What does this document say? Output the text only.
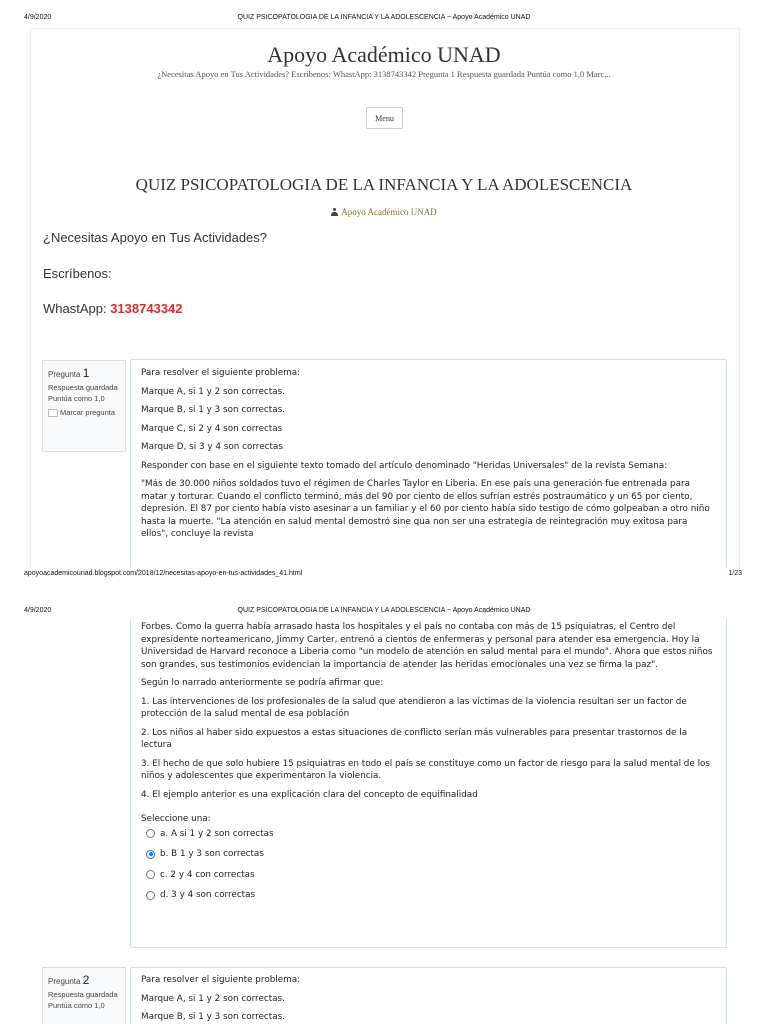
4/9/2020	QUIZ PSICOPATOLOGIA DE LA INFANCIA Y LA ADOLESCENCIA ~ Apoyo Académico UNAD
Apoyo Académico UNAD
¿Necesitas Apoyo en Tus Actividades? Escríbenos: WhastApp: 3138743342 Pregunta 1 Respuesta guardada Puntúa como 1,0 Marc...
Menu
QUIZ PSICOPATOLOGIA DE LA INFANCIA Y LA ADOLESCENCIA
Apoyo Académico UNAD
¿Necesitas Apoyo en Tus Actividades?
Escríbenos:
WhastApp: 3138743342
Pregunta 1
Respuesta guardada
Puntúa como 1,0
Marcar pregunta

Para resolver el siguiente problema:

Marque A, si 1 y 2 son correctas.

Marque B, si 1 y 3 son correctas.

Marque C, si 2 y 4 son correctas

Marque D, si 3 y 4 son correctas

Responder con base en el siguiente texto tomado del artículo denominado "Heridas Universales" de la revista Semana:

"Más de 30.000 niños soldados tuvo el régimen de Charles Taylor en Liberia. En ese país una generación fue entrenada para matar y torturar. Cuando el conflicto terminó, más del 90 por ciento de ellos sufrían estrés postraumático y un 65 por ciento, depresión. El 87 por ciento había visto asesinar a un familiar y el 60 por ciento había sido testigo de cómo golpeaban a otro niño hasta la muerte. "La atención en salud mental demostró sine qua non ser una estrategia de reintegración muy exitosa para ellos", concluye la revista

apoyoacademicounad.blogspot.com/2018/12/necesitas-apoyo-en-tus-actividades_41.html	1/23
4/9/2020	QUIZ PSICOPATOLOGIA DE LA INFANCIA Y LA ADOLESCENCIA ~ Apoyo Académico UNAD

Forbes. Como la guerra había arrasado hasta los hospitales y el país no contaba con más de 15 psiquiatras, el Centro del expresidente norteamericano, Jimmy Carter, entrenó a cientos de enfermeras y personal para atender esa emergencia. Hoy la Universidad de Harvard reconoce a Liberia como "un modelo de atención en salud mental para el mundo". Ahora que estos niños son grandes, sus testimonios evidencian la importancia de atender las heridas emocionales una vez se firma la paz".

Según lo narrado anteriormente se podría afirmar que:

1. Las intervenciones de los profesionales de la salud que atendieron a las víctimas de la violencia resultan ser un factor de protección de la salud mental de esa población

2. Los niños al haber sido expuestos a estas situaciones de conflicto serían más vulnerables para presentar trastornos de la lectura

3. El hecho de que solo hubiere 15 psiquiatras en todo el país se constituye como un factor de riesgo para la salud mental de los niños y adolescentes que experimentaron la violencia.

4. El ejemplo anterior es una explicación clara del concepto de equifinalidad

Seleccione una:

a. A si 1 y 2 son correctas
b. B 1 y 3 son correctas
c. 2 y 4 con correctas
d. 3 y 4 son correctas
Pregunta 2
Respuesta guardada
Puntúa como 1,0

Para resolver el siguiente problema:

Marque A, si 1 y 2 son correctas.

Marque B, si 1 y 3 son correctas.
